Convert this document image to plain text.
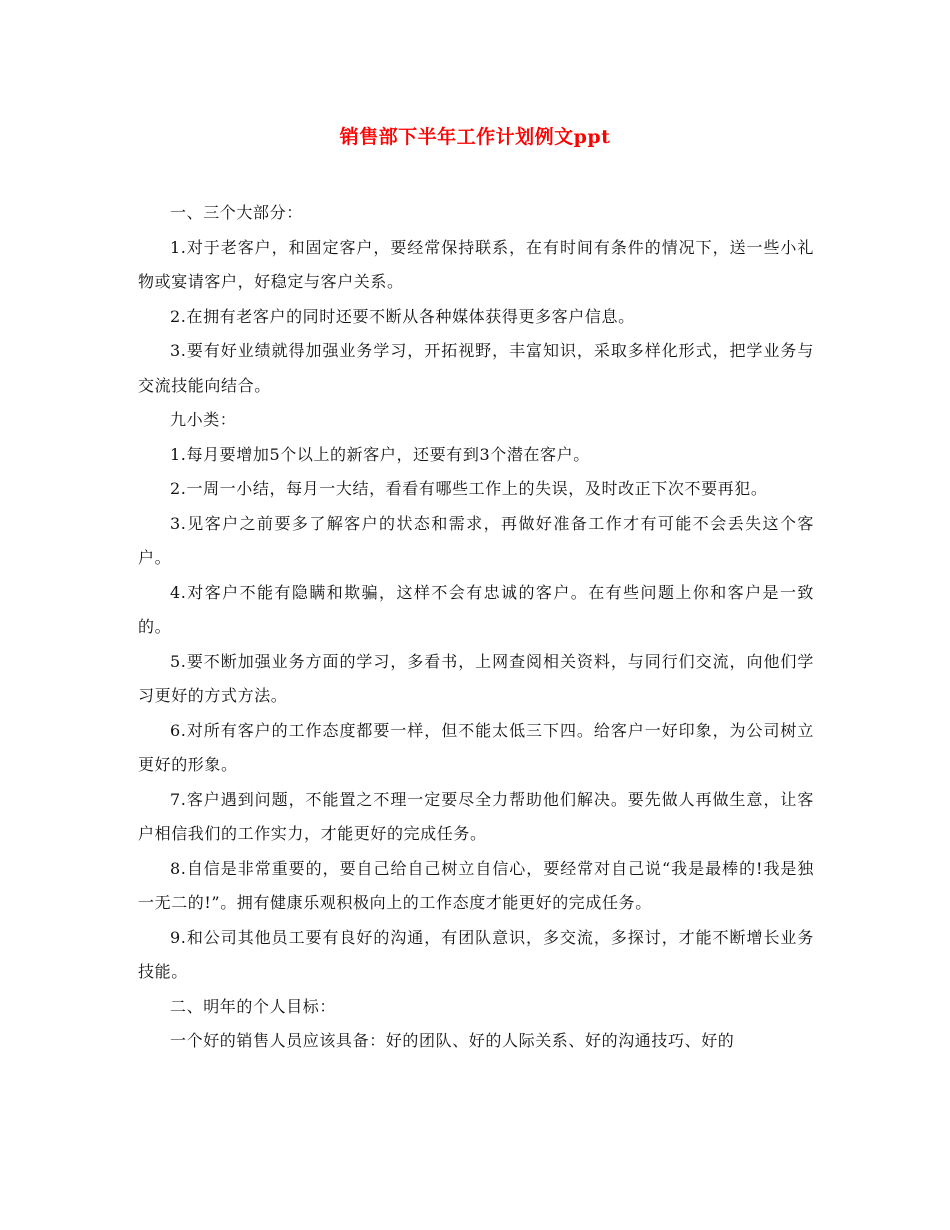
销售部下半年工作计划例文ppt

一、三个大部分：

1.对于老客户，和固定客户，要经常保持联系，在有时间有条件的情况下，送一些小礼物或宴请客户，好稳定与客户关系。

2.在拥有老客户的同时还要不断从各种媒体获得更多客户信息。

3.要有好业绩就得加强业务学习，开拓视野，丰富知识，采取多样化形式，把学业务与交流技能向结合。

九小类：

1.每月要增加5个以上的新客户，还要有到3个潜在客户。

2.一周一小结，每月一大结，看看有哪些工作上的失误，及时改正下次不要再犯。

3.见客户之前要多了解客户的状态和需求，再做好准备工作才有可能不会丢失这个客户。

4.对客户不能有隐瞒和欺骗，这样不会有忠诚的客户。在有些问题上你和客户是一致的。

5.要不断加强业务方面的学习，多看书，上网查阅相关资料，与同行们交流，向他们学习更好的方式方法。

6.对所有客户的工作态度都要一样，但不能太低三下四。给客户一好印象，为公司树立更好的形象。

7.客户遇到问题，不能置之不理一定要尽全力帮助他们解决。要先做人再做生意，让客户相信我们的工作实力，才能更好的完成任务。

8.自信是非常重要的，要自己给自己树立自信心，要经常对自己说“我是最棒的!我是独一无二的!”。拥有健康乐观积极向上的工作态度才能更好的完成任务。

9.和公司其他员工要有良好的沟通，有团队意识，多交流，多探讨，才能不断增长业务技能。

二、明年的个人目标：

一个好的销售人员应该具备：好的团队、好的人际关系、好的沟通技巧、好的
